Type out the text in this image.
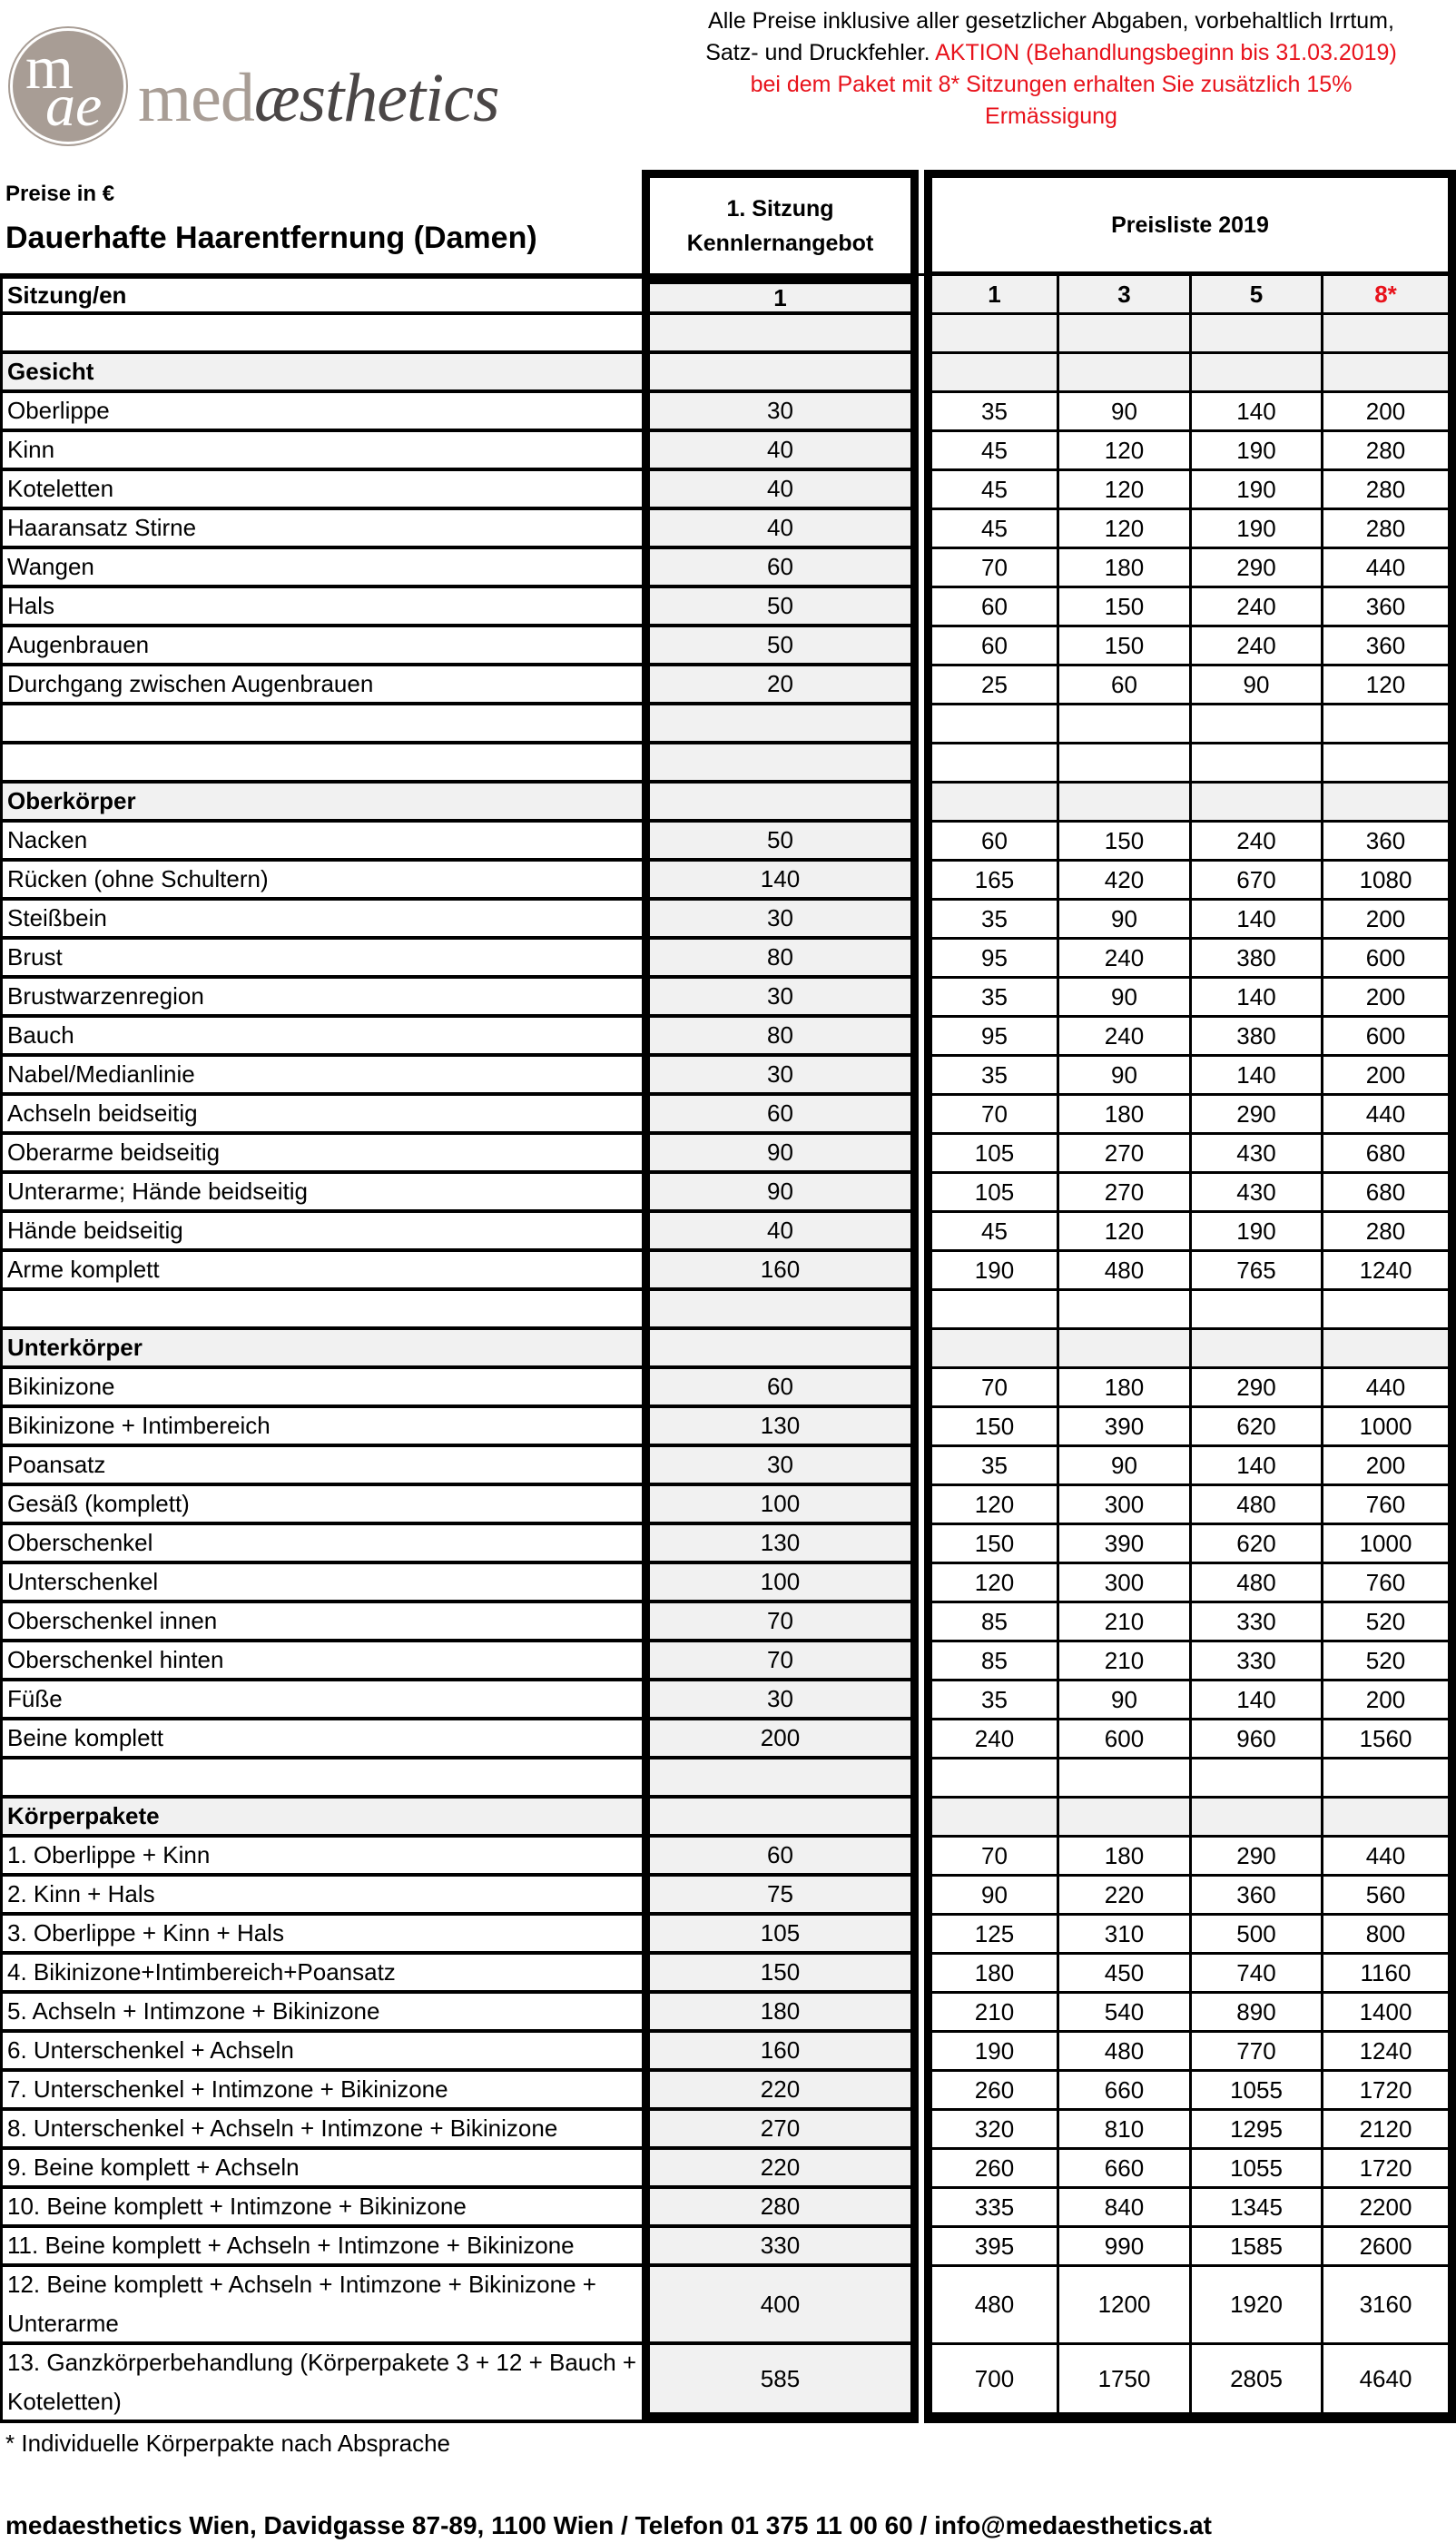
m
ae medæsthetics
Alle Preise inklusive aller gesetzlicher Abgaben, vorbehaltlich Irrtum,
Satz- und Druckfehler. AKTION (Behandlungsbeginn bis 31.03.2019)
bei dem Paket mit 8* Sitzungen erhalten Sie zusätzlich 15%
Ermässigung
Preise in €
Dauerhafte Haarentfernung (Damen)
1. Sitzung
Kennlernangebot
Preisliste 2019
Sitzung/en	1	1	3	5	8*
Gesicht
Oberlippe	30	35	90	140	200
Kinn	40	45	120	190	280
Koteletten	40	45	120	190	280
Haaransatz Stirne	40	45	120	190	280
Wangen	60	70	180	290	440
Hals	50	60	150	240	360
Augenbrauen	50	60	150	240	360
Durchgang zwischen Augenbrauen	20	25	60	90	120
Oberkörper
Nacken	50	60	150	240	360
Rücken (ohne Schultern)	140	165	420	670	1080
Steißbein	30	35	90	140	200
Brust	80	95	240	380	600
Brustwarzenregion	30	35	90	140	200
Bauch	80	95	240	380	600
Nabel/Medianlinie	30	35	90	140	200
Achseln beidseitig	60	70	180	290	440
Oberarme beidseitig	90	105	270	430	680
Unterarme; Hände beidseitig	90	105	270	430	680
Hände beidseitig	40	45	120	190	280
Arme komplett	160	190	480	765	1240
Unterkörper
Bikinizone	60	70	180	290	440
Bikinizone + Intimbereich	130	150	390	620	1000
Poansatz	30	35	90	140	200
Gesäß (komplett)	100	120	300	480	760
Oberschenkel	130	150	390	620	1000
Unterschenkel	100	120	300	480	760
Oberschenkel innen	70	85	210	330	520
Oberschenkel hinten	70	85	210	330	520
Füße	30	35	90	140	200
Beine komplett	200	240	600	960	1560
Körperpakete
1. Oberlippe + Kinn	60	70	180	290	440
2. Kinn + Hals	75	90	220	360	560
3. Oberlippe + Kinn + Hals	105	125	310	500	800
4. Bikinizone+Intimbereich+Poansatz	150	180	450	740	1160
5. Achseln + Intimzone + Bikinizone	180	210	540	890	1400
6. Unterschenkel + Achseln	160	190	480	770	1240
7. Unterschenkel + Intimzone + Bikinizone	220	260	660	1055	1720
8. Unterschenkel + Achseln + Intimzone + Bikinizone	270	320	810	1295	2120
9. Beine komplett + Achseln	220	260	660	1055	1720
10. Beine komplett + Intimzone + Bikinizone	280	335	840	1345	2200
11. Beine komplett + Achseln + Intimzone + Bikinizone	330	395	990	1585	2600
12. Beine komplett + Achseln + Intimzone + Bikinizone + Unterarme
400	480	1200	1920	3160
13. Ganzkörperbehandlung (Körperpakete 3 + 12 + Bauch + Koteletten)
585	700	1750	2805	4640
* Individuelle Körperpakte nach Absprache
medaesthetics Wien, Davidgasse 87-89, 1100 Wien / Telefon 01 375 11 00 60 / info@medaesthetics.at
